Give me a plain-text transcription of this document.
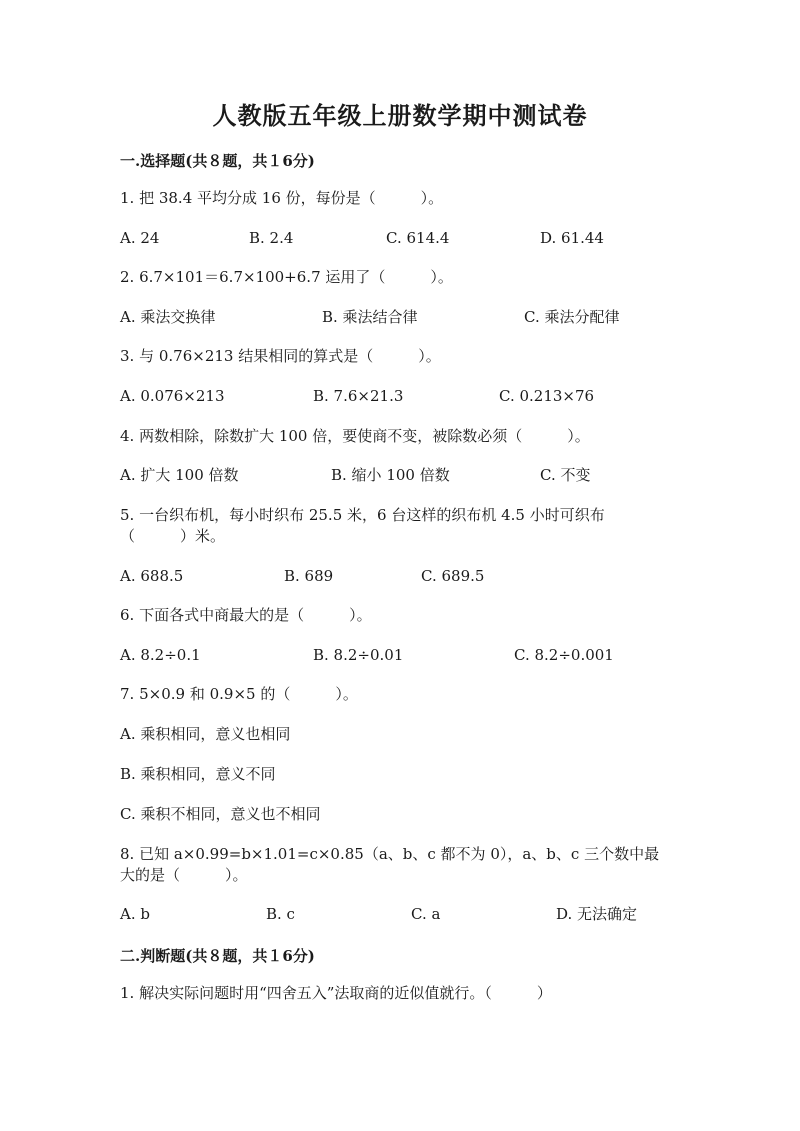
人教版五年级上册数学期中测试卷
一.选择题(共８题，共１6分)
1. 把 38.4 平均分成 16 份，每份是（　　　）。
A. 24	B. 2.4	C. 614.4	D. 61.44
2. 6.7×101＝6.7×100+6.7 运用了（　　　）。
A. 乘法交换律	B. 乘法结合律	C. 乘法分配律
3. 与 0.76×213 结果相同的算式是（　　　）。
A. 0.076×213	B. 7.6×21.3	C. 0.213×76
4. 两数相除，除数扩大 100 倍，要使商不变，被除数必须（　　　）。
A. 扩大 100 倍数	B. 缩小 100 倍数	C. 不变
5. 一台织布机，每小时织布 25.5 米，6 台这样的织布机 4.5 小时可织布
（　　　）米。
A. 688.5	B. 689	C. 689.5
6. 下面各式中商最大的是（　　　）。
A. 8.2÷0.1	B. 8.2÷0.01	C. 8.2÷0.001
7. 5×0.9 和 0.9×5 的（　　　）。
A. 乘积相同，意义也相同
B. 乘积相同，意义不同
C. 乘积不相同，意义也不相同
8. 已知 a×0.99=b×1.01=c×0.85（a、b、c 都不为 0），a、b、c 三个数中最
大的是（　　　）。
A. b	B. c	C. a	D. 无法确定
二.判断题(共８题，共１6分)
1. 解决实际问题时用“四舍五入”法取商的近似值就行。（　　　）
